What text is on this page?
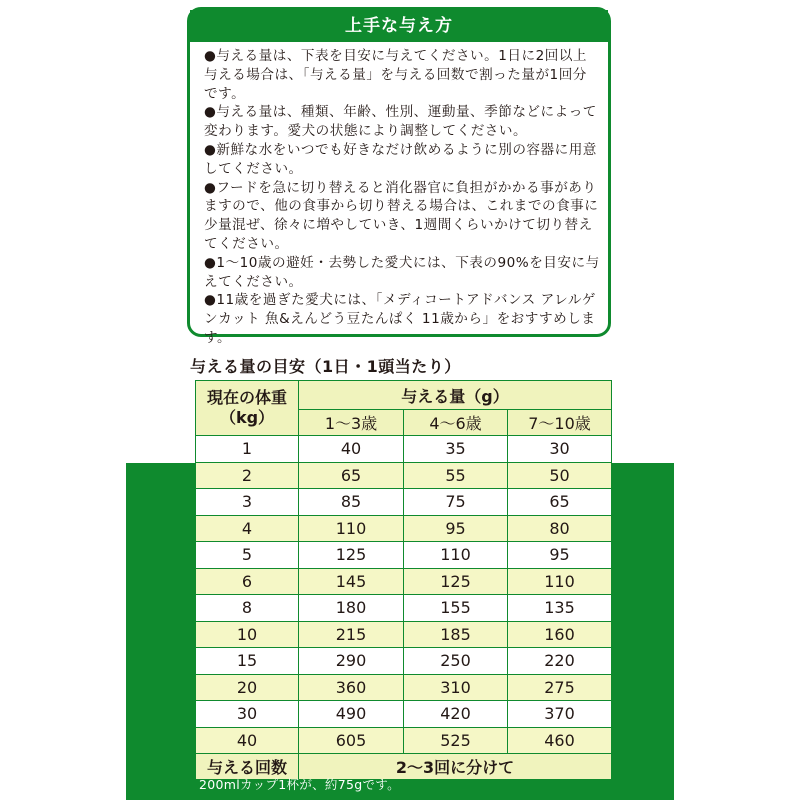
上手な与え方
●与える量は、下表を目安に与えてください。1日に2回以上与える場合は、「与える量」を与える回数で割った量が1回分です。
●与える量は、種類、年齢、性別、運動量、季節などによって変わります。愛犬の状態により調整してください。
●新鮮な水をいつでも好きなだけ飲めるように別の容器に用意してください。
●フードを急に切り替えると消化器官に負担がかかる事がありますので、他の食事から切り替える場合は、これまでの食事に少量混ぜ、徐々に増やしていき、1週間くらいかけて切り替えてください。
●1～10歳の避妊・去勢した愛犬には、下表の90%を目安に与えてください。
●11歳を過ぎた愛犬には、「メディコートアドバンス アレルゲンカット 魚&えんどう豆たんぱく 11歳から」をおすすめします。
与える量の目安（1日・1頭当たり）
現在の体重（kg）	与える量（g）		
	1～3歳	4～6歳	7～10歳
1	40	35	30
2	65	55	50
3	85	75	65
4	110	95	80
5	125	110	95
6	145	125	110
8	180	155	135
10	215	185	160
15	290	250	220
20	360	310	275
30	490	420	370
40	605	525	460
与える回数	2～3回に分けて		
200mlカップ1杯が、約75gです。
